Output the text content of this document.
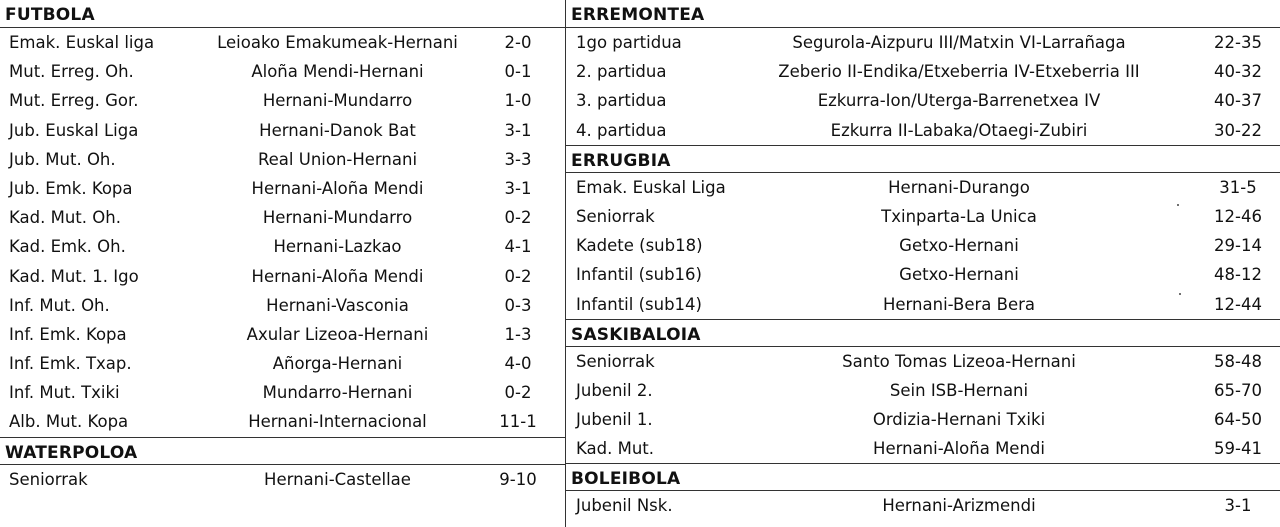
FUTBOLA
Emak. Euskal liga	Leioako Emakumeak-Hernani	2-0
Mut. Erreg. Oh.	Aloña Mendi-Hernani	0-1
Mut. Erreg. Gor.	Hernani-Mundarro	1-0
Jub. Euskal Liga	Hernani-Danok Bat	3-1
Jub. Mut. Oh.	Real Union-Hernani	3-3
Jub. Emk. Kopa	Hernani-Aloña Mendi	3-1
Kad. Mut. Oh.	Hernani-Mundarro	0-2
Kad. Emk. Oh.	Hernani-Lazkao	4-1
Kad. Mut. 1. Igo	Hernani-Aloña Mendi	0-2
Inf. Mut. Oh.	Hernani-Vasconia	0-3
Inf. Emk. Kopa	Axular Lizeoa-Hernani	1-3
Inf. Emk. Txap.	Añorga-Hernani	4-0
Inf. Mut. Txiki	Mundarro-Hernani	0-2
Alb. Mut. Kopa	Hernani-Internacional	11-1
WATERPOLOA
Seniorrak	Hernani-Castellae	9-10
ERREMONTEA
1go partidua	Segurola-Aizpuru III/Matxin VI-Larrañaga	22-35
2. partidua	Zeberio II-Endika/Etxeberria IV-Etxeberria III	40-32
3. partidua	Ezkurra-Ion/Uterga-Barrenetxea IV	40-37
4. partidua	Ezkurra II-Labaka/Otaegi-Zubiri	30-22
ERRUGBIA
Emak. Euskal Liga	Hernani-Durango	31-5
Seniorrak	Txinparta-La Unica	12-46
Kadete (sub18)	Getxo-Hernani	29-14
Infantil (sub16)	Getxo-Hernani	48-12
Infantil (sub14)	Hernani-Bera Bera	12-44
SASKIBALOIA
Seniorrak	Santo Tomas Lizeoa-Hernani	58-48
Jubenil 2.	Sein ISB-Hernani	65-70
Jubenil 1.	Ordizia-Hernani Txiki	64-50
Kad. Mut.	Hernani-Aloña Mendi	59-41
BOLEIBOLA
Jubenil Nsk.	Hernani-Arizmendi	3-1
